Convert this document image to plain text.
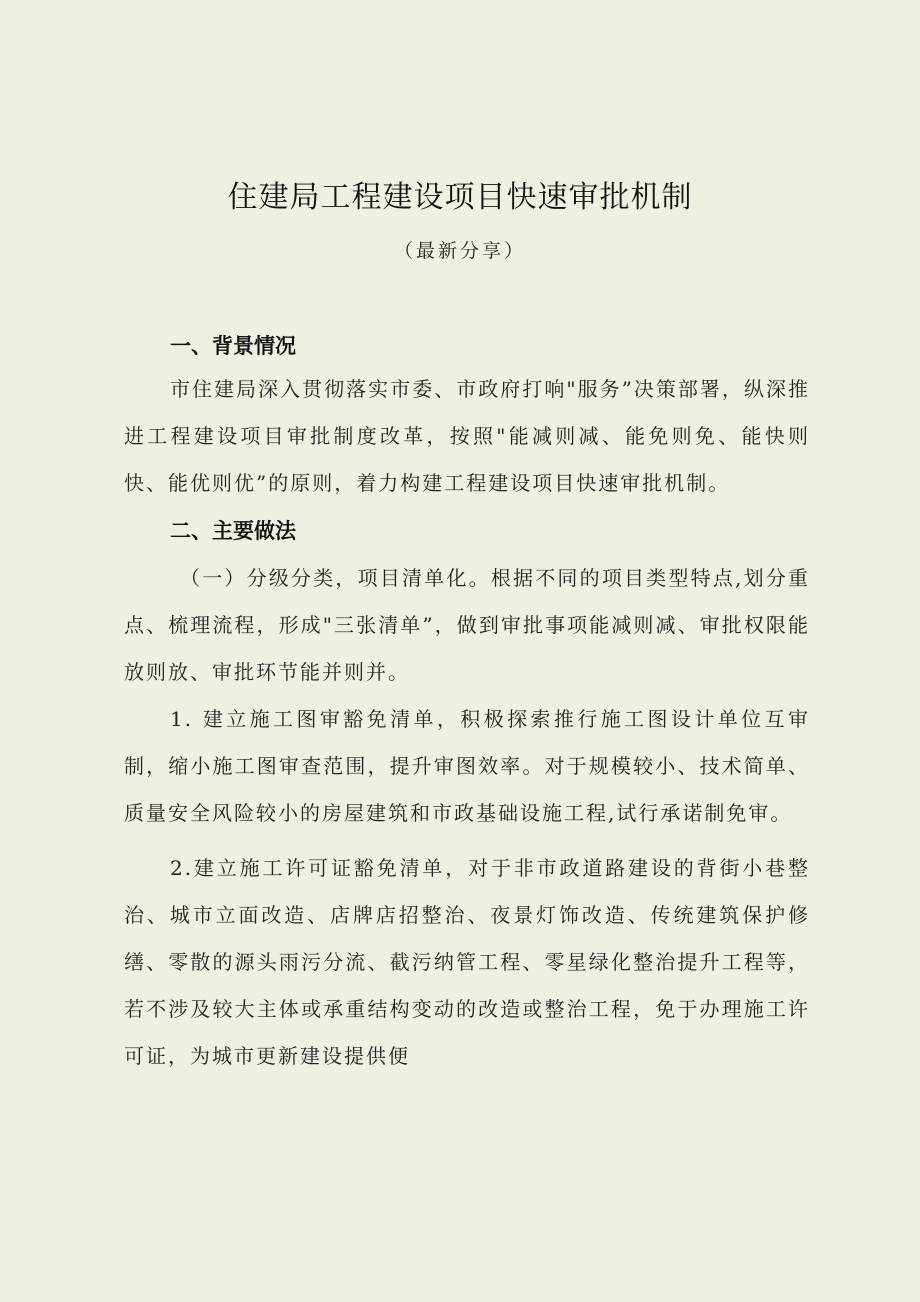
住建局工程建设项目快速审批机制
（最新分享）
一、背景情况

市住建局深入贯彻落实市委、市政府打响"服务”决策部署，纵深推进工程建设项目审批制度改革，按照"能减则减、能免则免、能快则快、能优则优”的原则，着力构建工程建设项目快速审批机制。

二、主要做法

（一）分级分类，项目清单化。根据不同的项目类型特点,划分重点、梳理流程，形成"三张清单”，做到审批事项能减则减、审批权限能放则放、审批环节能并则并。

1. 建立施工图审豁免清单，积极探索推行施工图设计单位互审制，缩小施工图审查范围，提升审图效率。对于规模较小、技术简单、质量安全风险较小的房屋建筑和市政基础设施工程,试行承诺制免审。

2.建立施工许可证豁免清单，对于非市政道路建设的背街小巷整治、城市立面改造、店牌店招整治、夜景灯饰改造、传统建筑保护修缮、零散的源头雨污分流、截污纳管工程、零星绿化整治提升工程等，若不涉及较大主体或承重结构变动的改造或整治工程，免于办理施工许可证，为城市更新建设提供便
